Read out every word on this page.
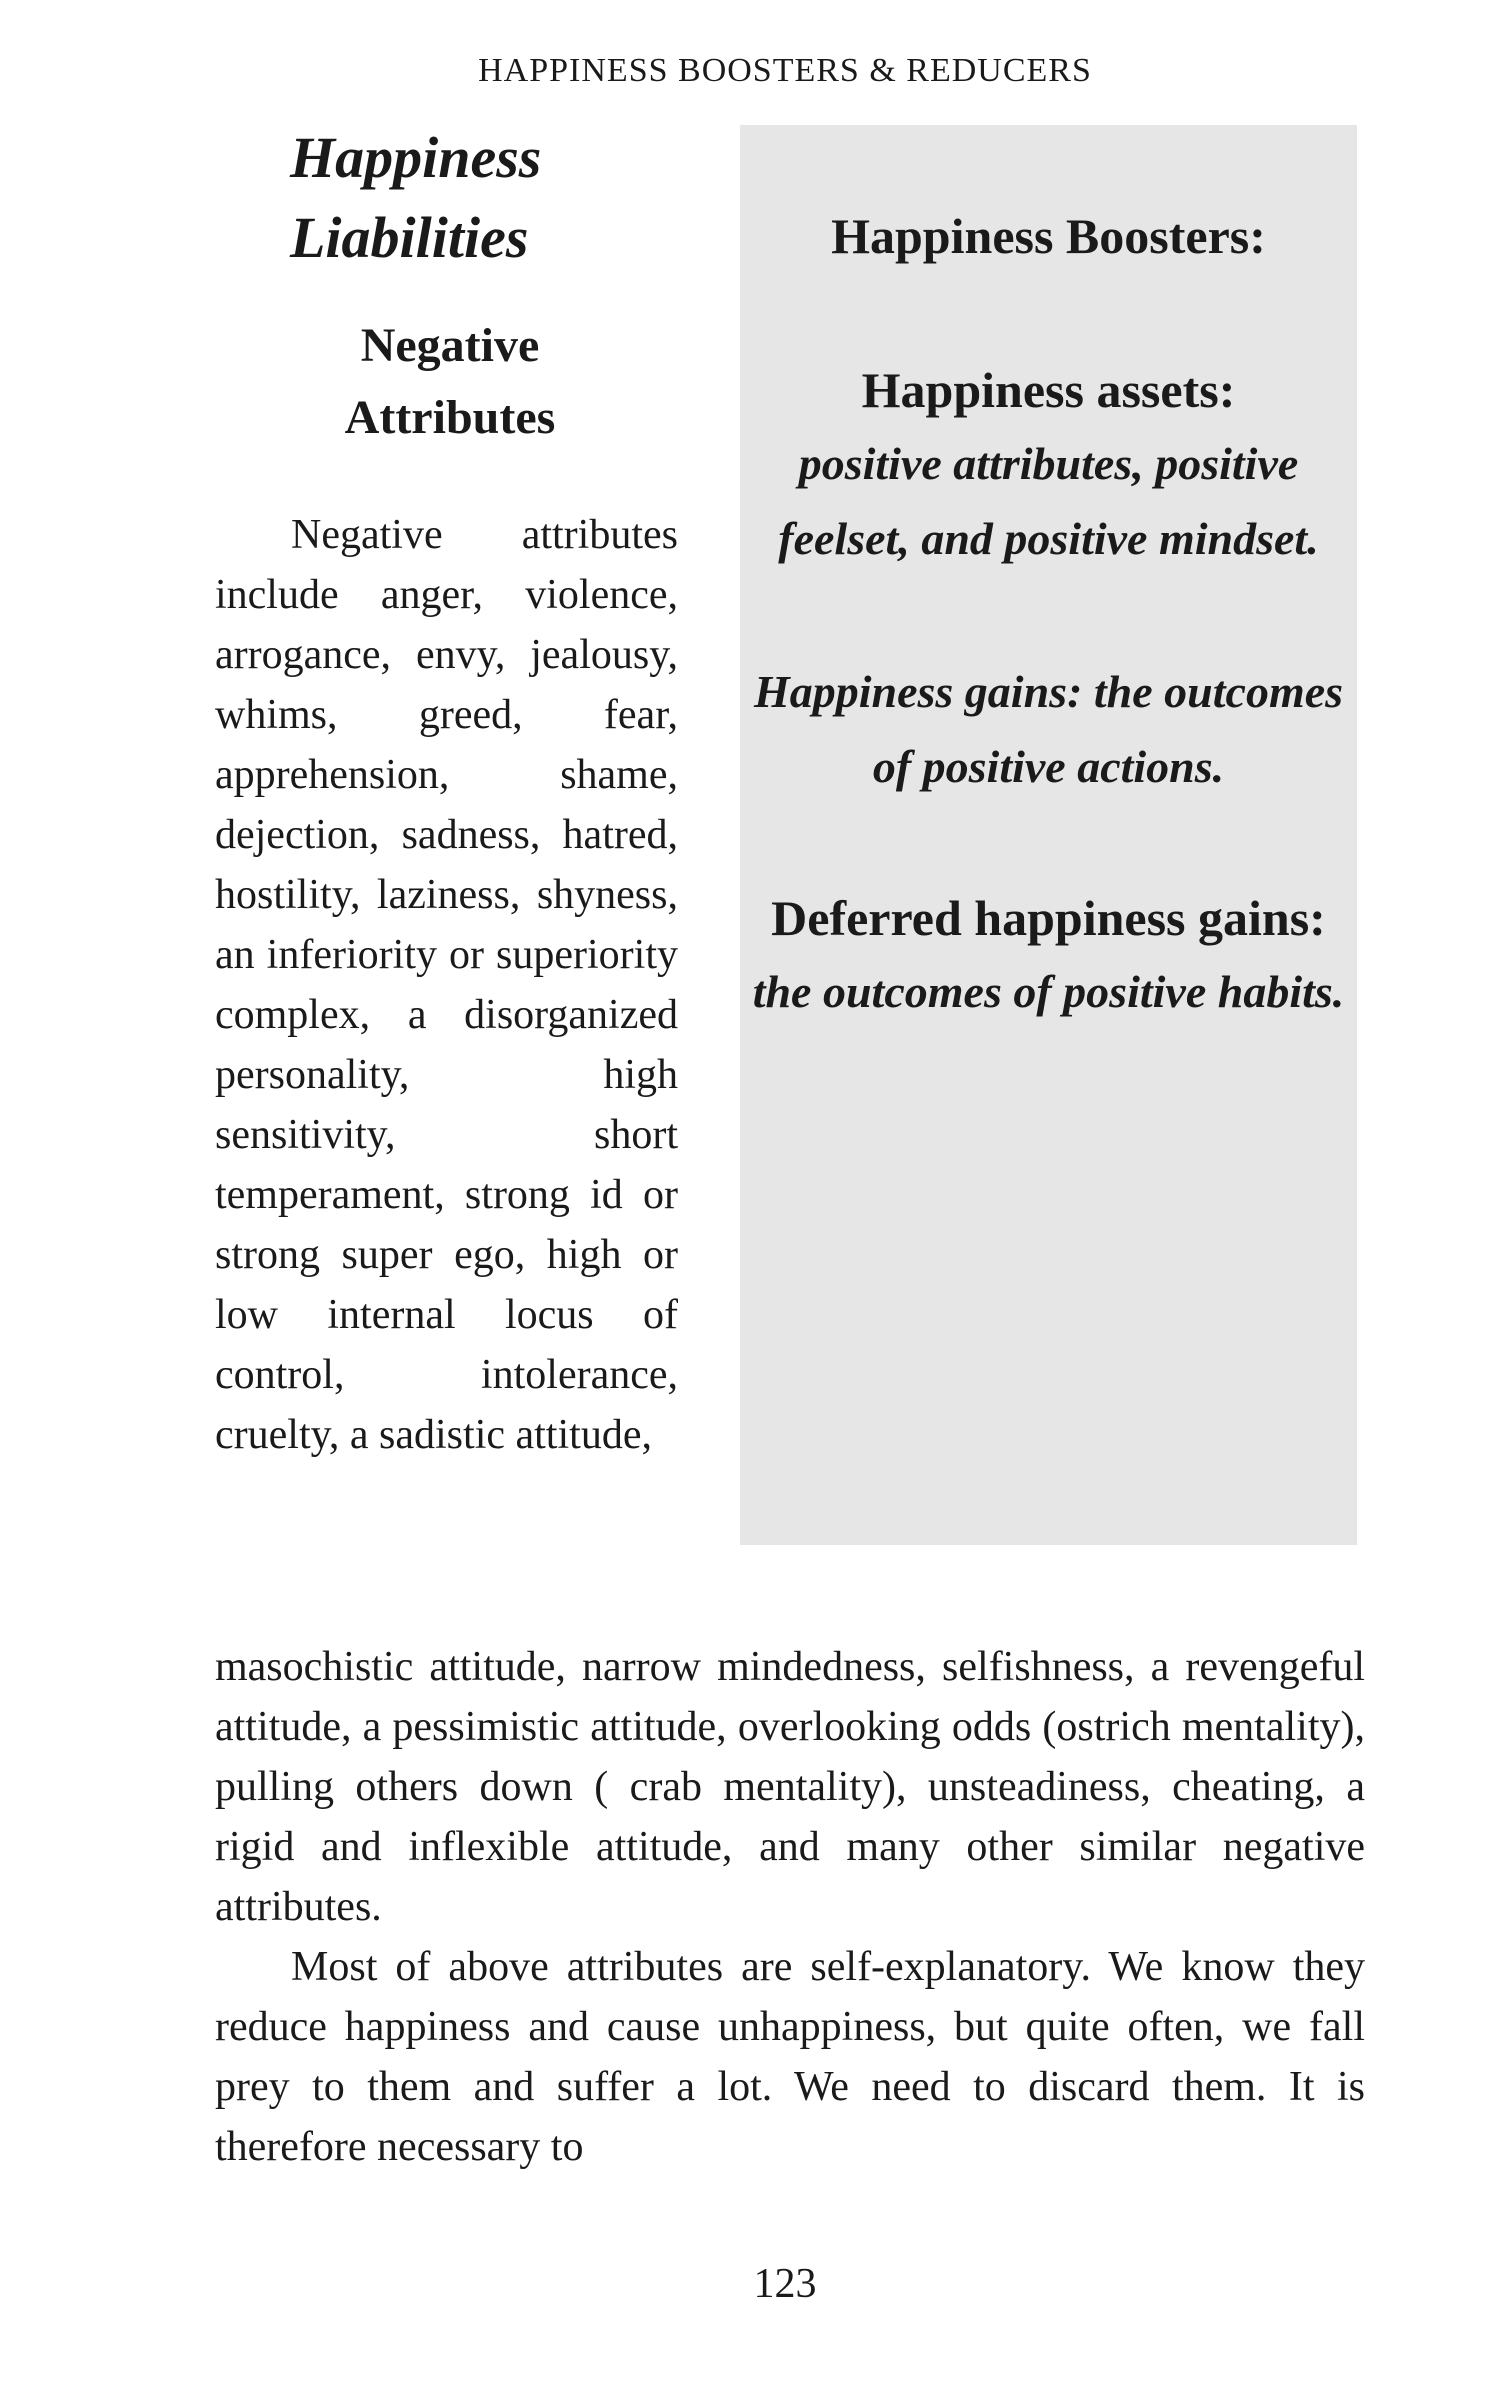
HAPPINESS BOOSTERS & REDUCERS
Happiness Liabilities
Negative Attributes

Negative attributes include anger, violence, arrogance, envy, jealousy, whims, greed, fear, apprehension, shame, dejection, sadness, hatred, hostility, laziness, shyness, an inferiority or superiority complex, a disorganized personality, high sensitivity, short temperament, strong id or strong super ego, high or low internal locus of control, intolerance, cruelty, a sadistic attitude,

Happiness Boosters:

Happiness assets:

positive attributes, positive feelset, and positive mindset.

Happiness gains: the outcomes of positive actions.

Deferred happiness gains:

the outcomes of positive habits.

masochistic attitude, narrow mindedness, selfishness, a revengeful attitude, a pessimistic attitude, overlooking odds (ostrich mentality), pulling others down ( crab mentality), unsteadiness, cheating, a rigid and inflexible attitude, and many other similar negative attributes.

Most of above attributes are self-explanatory. We know they reduce happiness and cause unhappiness, but quite often, we fall prey to them and suffer a lot. We need to discard them. It is therefore necessary to

123
